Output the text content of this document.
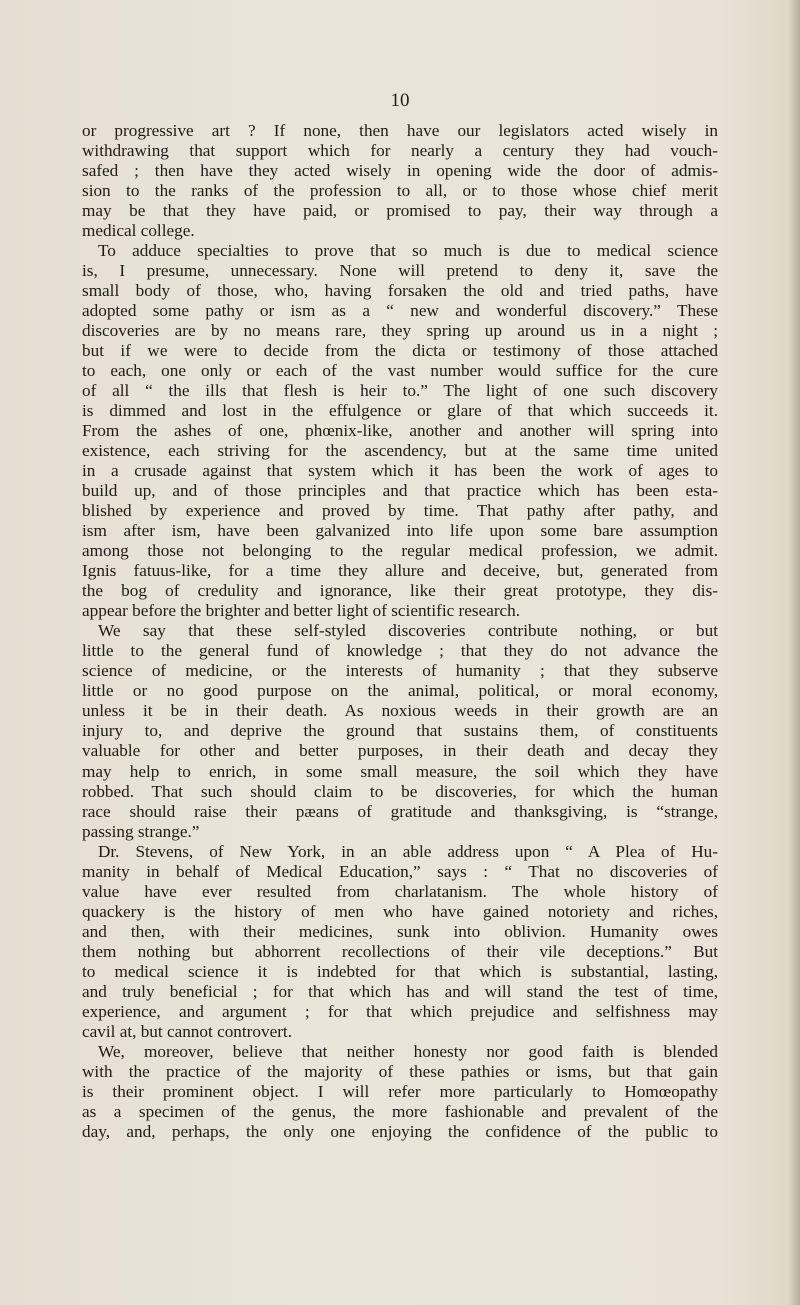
10
or progressive art ? If none, then have our legislators acted wisely in
withdrawing that support which for nearly a century they had vouch-
safed ; then have they acted wisely in opening wide the door of admis-
sion to the ranks of the profession to all, or to those whose chief merit
may be that they have paid, or promised to pay, their way through a
medical college.
To adduce specialties to prove that so much is due to medical science
is, I presume, unnecessary. None will pretend to deny it, save the
small body of those, who, having forsaken the old and tried paths, have
adopted some pathy or ism as a “ new and wonderful discovery.” These
discoveries are by no means rare, they spring up around us in a night ;
but if we were to decide from the dicta or testimony of those attached
to each, one only or each of the vast number would suffice for the cure
of all “ the ills that flesh is heir to.” The light of one such discovery
is dimmed and lost in the effulgence or glare of that which succeeds it.
From the ashes of one, phœnix-like, another and another will spring into
existence, each striving for the ascendency, but at the same time united
in a crusade against that system which it has been the work of ages to
build up, and of those principles and that practice which has been esta-
blished by experience and proved by time. That pathy after pathy, and
ism after ism, have been galvanized into life upon some bare assumption
among those not belonging to the regular medical profession, we admit.
Ignis fatuus-like, for a time they allure and deceive, but, generated from
the bog of credulity and ignorance, like their great prototype, they dis-
appear before the brighter and better light of scientific research.
We say that these self-styled discoveries contribute nothing, or but
little to the general fund of knowledge ; that they do not advance the
science of medicine, or the interests of humanity ; that they subserve
little or no good purpose on the animal, political, or moral economy,
unless it be in their death. As noxious weeds in their growth are an
injury to, and deprive the ground that sustains them, of constituents
valuable for other and better purposes, in their death and decay they
may help to enrich, in some small measure, the soil which they have
robbed. That such should claim to be discoveries, for which the human
race should raise their pæans of gratitude and thanksgiving, is “strange,
passing strange.”
Dr. Stevens, of New York, in an able address upon “ A Plea of Hu-
manity in behalf of Medical Education,” says : “ That no discoveries of
value have ever resulted from charlatanism. The whole history of
quackery is the history of men who have gained notoriety and riches,
and then, with their medicines, sunk into oblivion. Humanity owes
them nothing but abhorrent recollections of their vile deceptions.” But
to medical science it is indebted for that which is substantial, lasting,
and truly beneficial ; for that which has and will stand the test of time,
experience, and argument ; for that which prejudice and selfishness may
cavil at, but cannot controvert.
We, moreover, believe that neither honesty nor good faith is blended
with the practice of the majority of these pathies or isms, but that gain
is their prominent object. I will refer more particularly to Homœopathy
as a specimen of the genus, the more fashionable and prevalent of the
day, and, perhaps, the only one enjoying the confidence of the public to
